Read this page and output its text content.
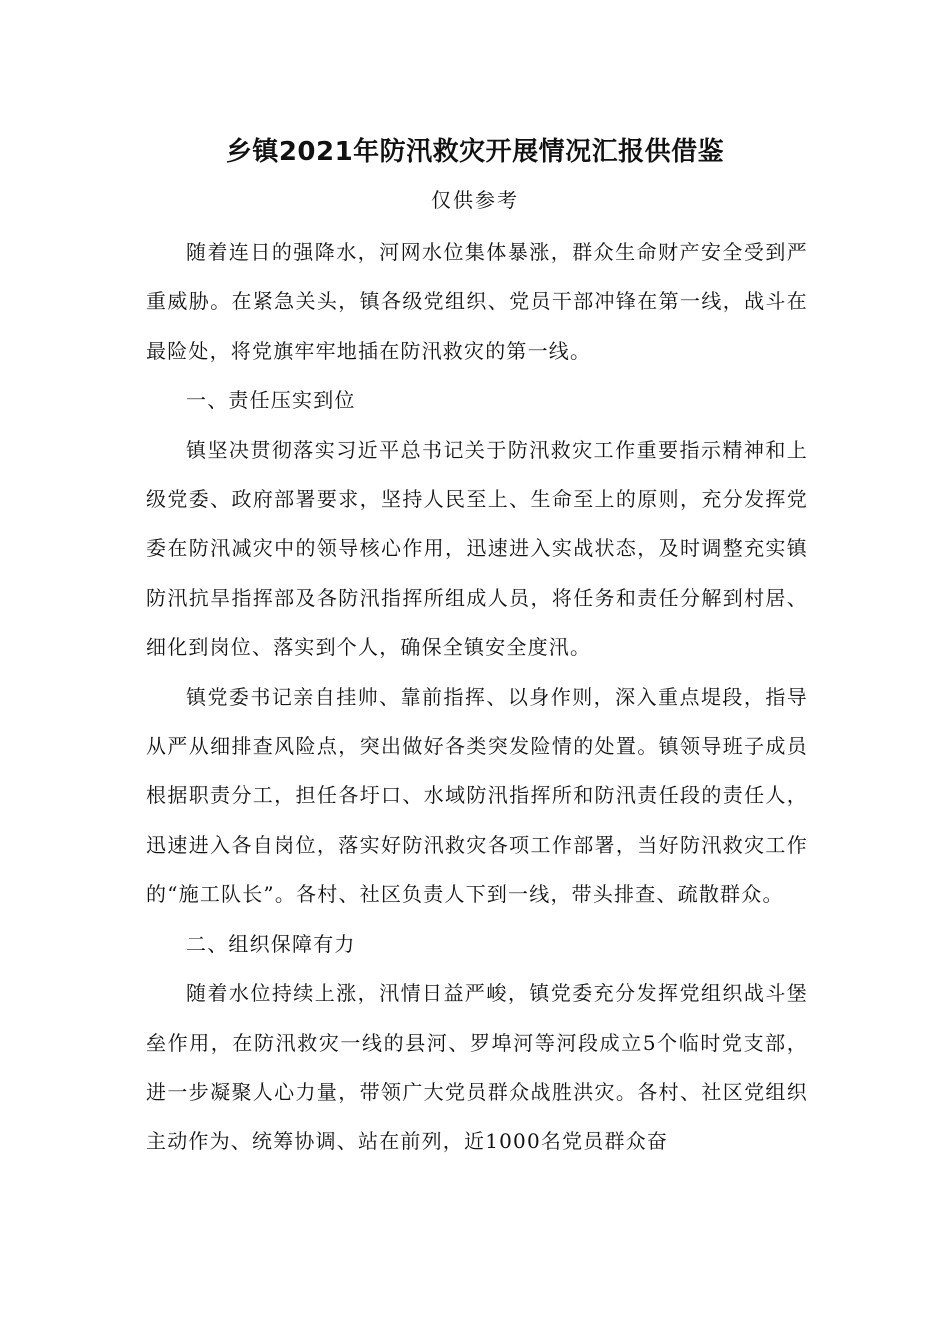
乡镇2021年防汛救灾开展情况汇报供借鉴
仅供参考

随着连日的强降水，河网水位集体暴涨，群众生命财产安全受到严重威胁。在紧急关头，镇各级党组织、党员干部冲锋在第一线，战斗在最险处，将党旗牢牢地插在防汛救灾的第一线。

一、责任压实到位

镇坚决贯彻落实习近平总书记关于防汛救灾工作重要指示精神和上级党委、政府部署要求，坚持人民至上、生命至上的原则，充分发挥党委在防汛减灾中的领导核心作用，迅速进入实战状态，及时调整充实镇防汛抗旱指挥部及各防汛指挥所组成人员，将任务和责任分解到村居、细化到岗位、落实到个人，确保全镇安全度汛。

镇党委书记亲自挂帅、靠前指挥、以身作则，深入重点堤段，指导从严从细排查风险点，突出做好各类突发险情的处置。镇领导班子成员根据职责分工，担任各圩口、水域防汛指挥所和防汛责任段的责任人，迅速进入各自岗位，落实好防汛救灾各项工作部署，当好防汛救灾工作的“施工队长”。各村、社区负责人下到一线，带头排查、疏散群众。

二、组织保障有力

随着水位持续上涨，汛情日益严峻，镇党委充分发挥党组织战斗堡垒作用，在防汛救灾一线的县河、罗埠河等河段成立5个临时党支部，进一步凝聚人心力量，带领广大党员群众战胜洪灾。各村、社区党组织主动作为、统筹协调、站在前列，近1000名党员群众奋
